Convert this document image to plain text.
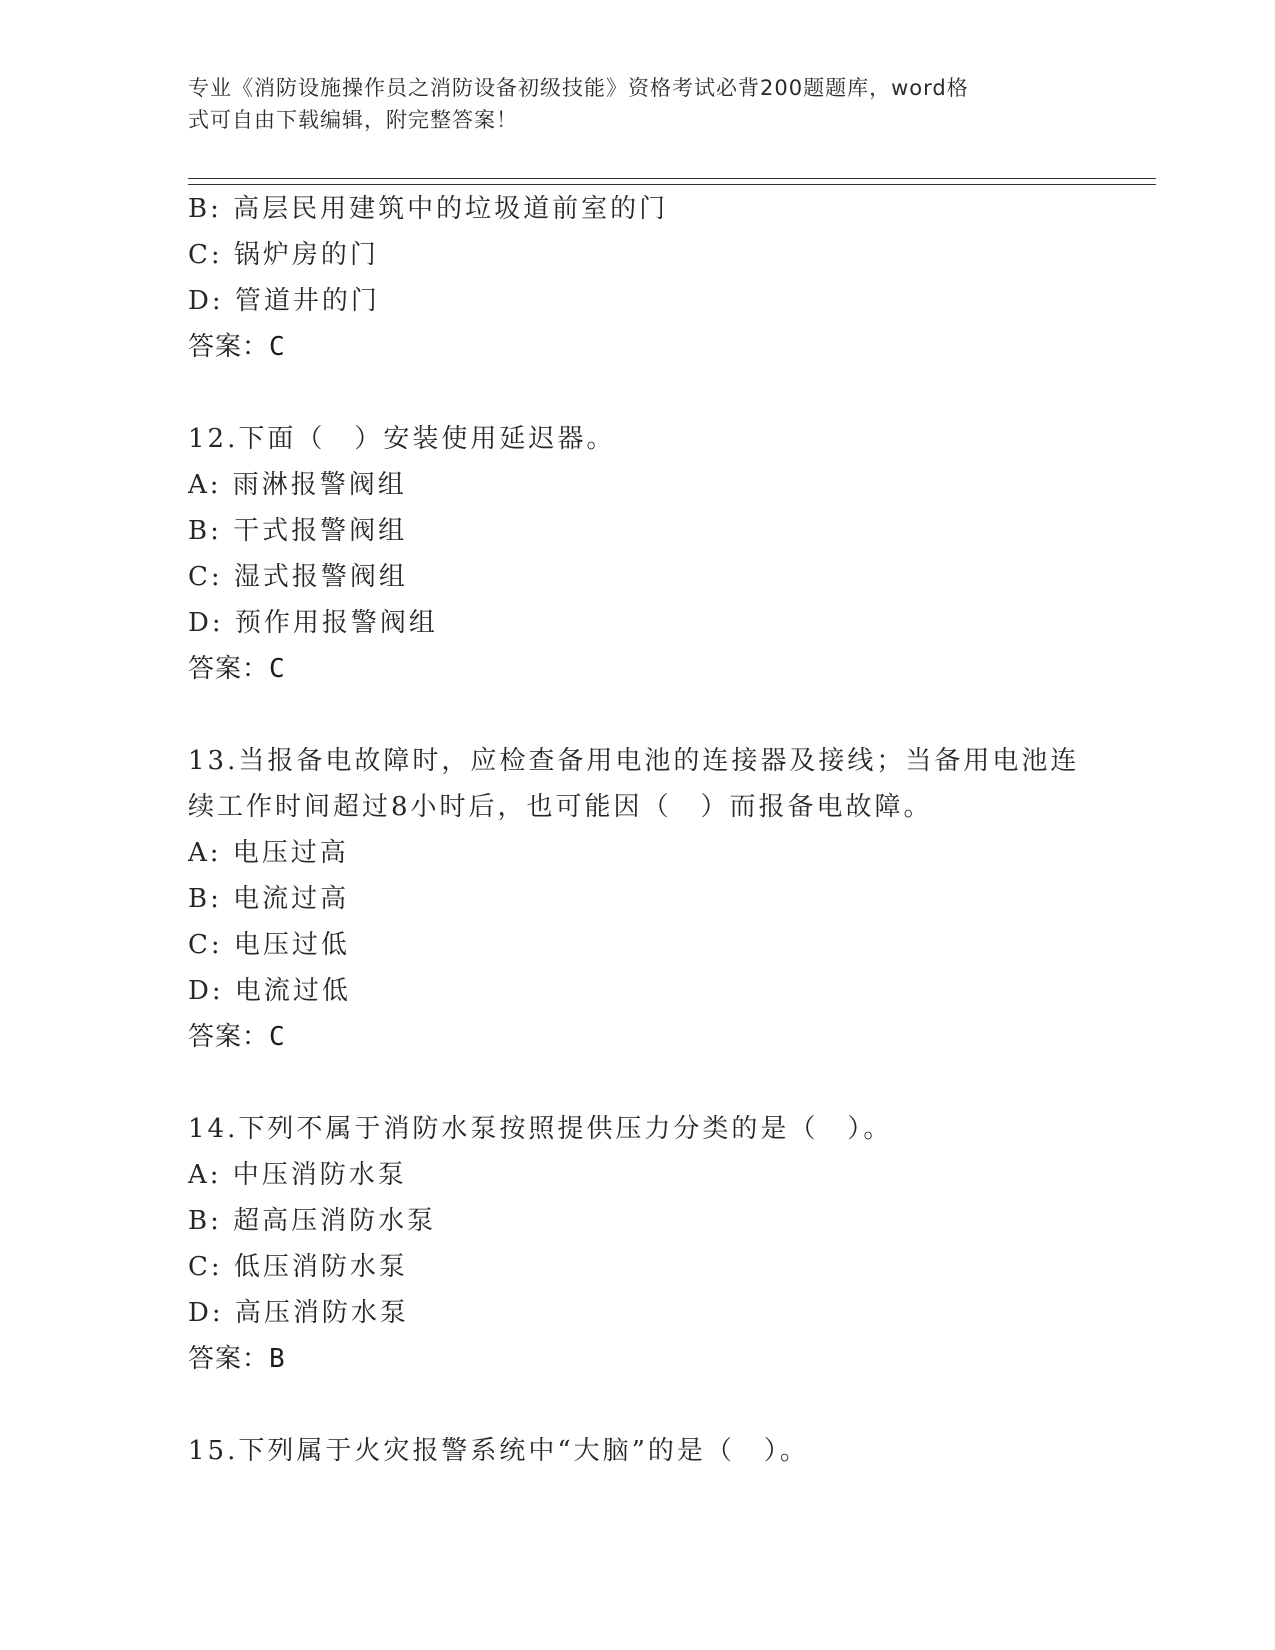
专业《消防设施操作员之消防设备初级技能》资格考试必背200题题库，word格
式可自由下载编辑，附完整答案！
B: 高层民用建筑中的垃圾道前室的门
C: 锅炉房的门
D: 管道井的门
答案：C
12.下面（　）安装使用延迟器。
A: 雨淋报警阀组
B: 干式报警阀组
C: 湿式报警阀组
D: 预作用报警阀组
答案：C
13.当报备电故障时，应检查备用电池的连接器及接线；当备用电池连
续工作时间超过8小时后，也可能因（　）而报备电故障。
A: 电压过高
B: 电流过高
C: 电压过低
D: 电流过低
答案：C
14.下列不属于消防水泵按照提供压力分类的是（　）。
A: 中压消防水泵
B: 超高压消防水泵
C: 低压消防水泵
D: 高压消防水泵
答案：B
15.下列属于火灾报警系统中“大脑”的是（　）。
